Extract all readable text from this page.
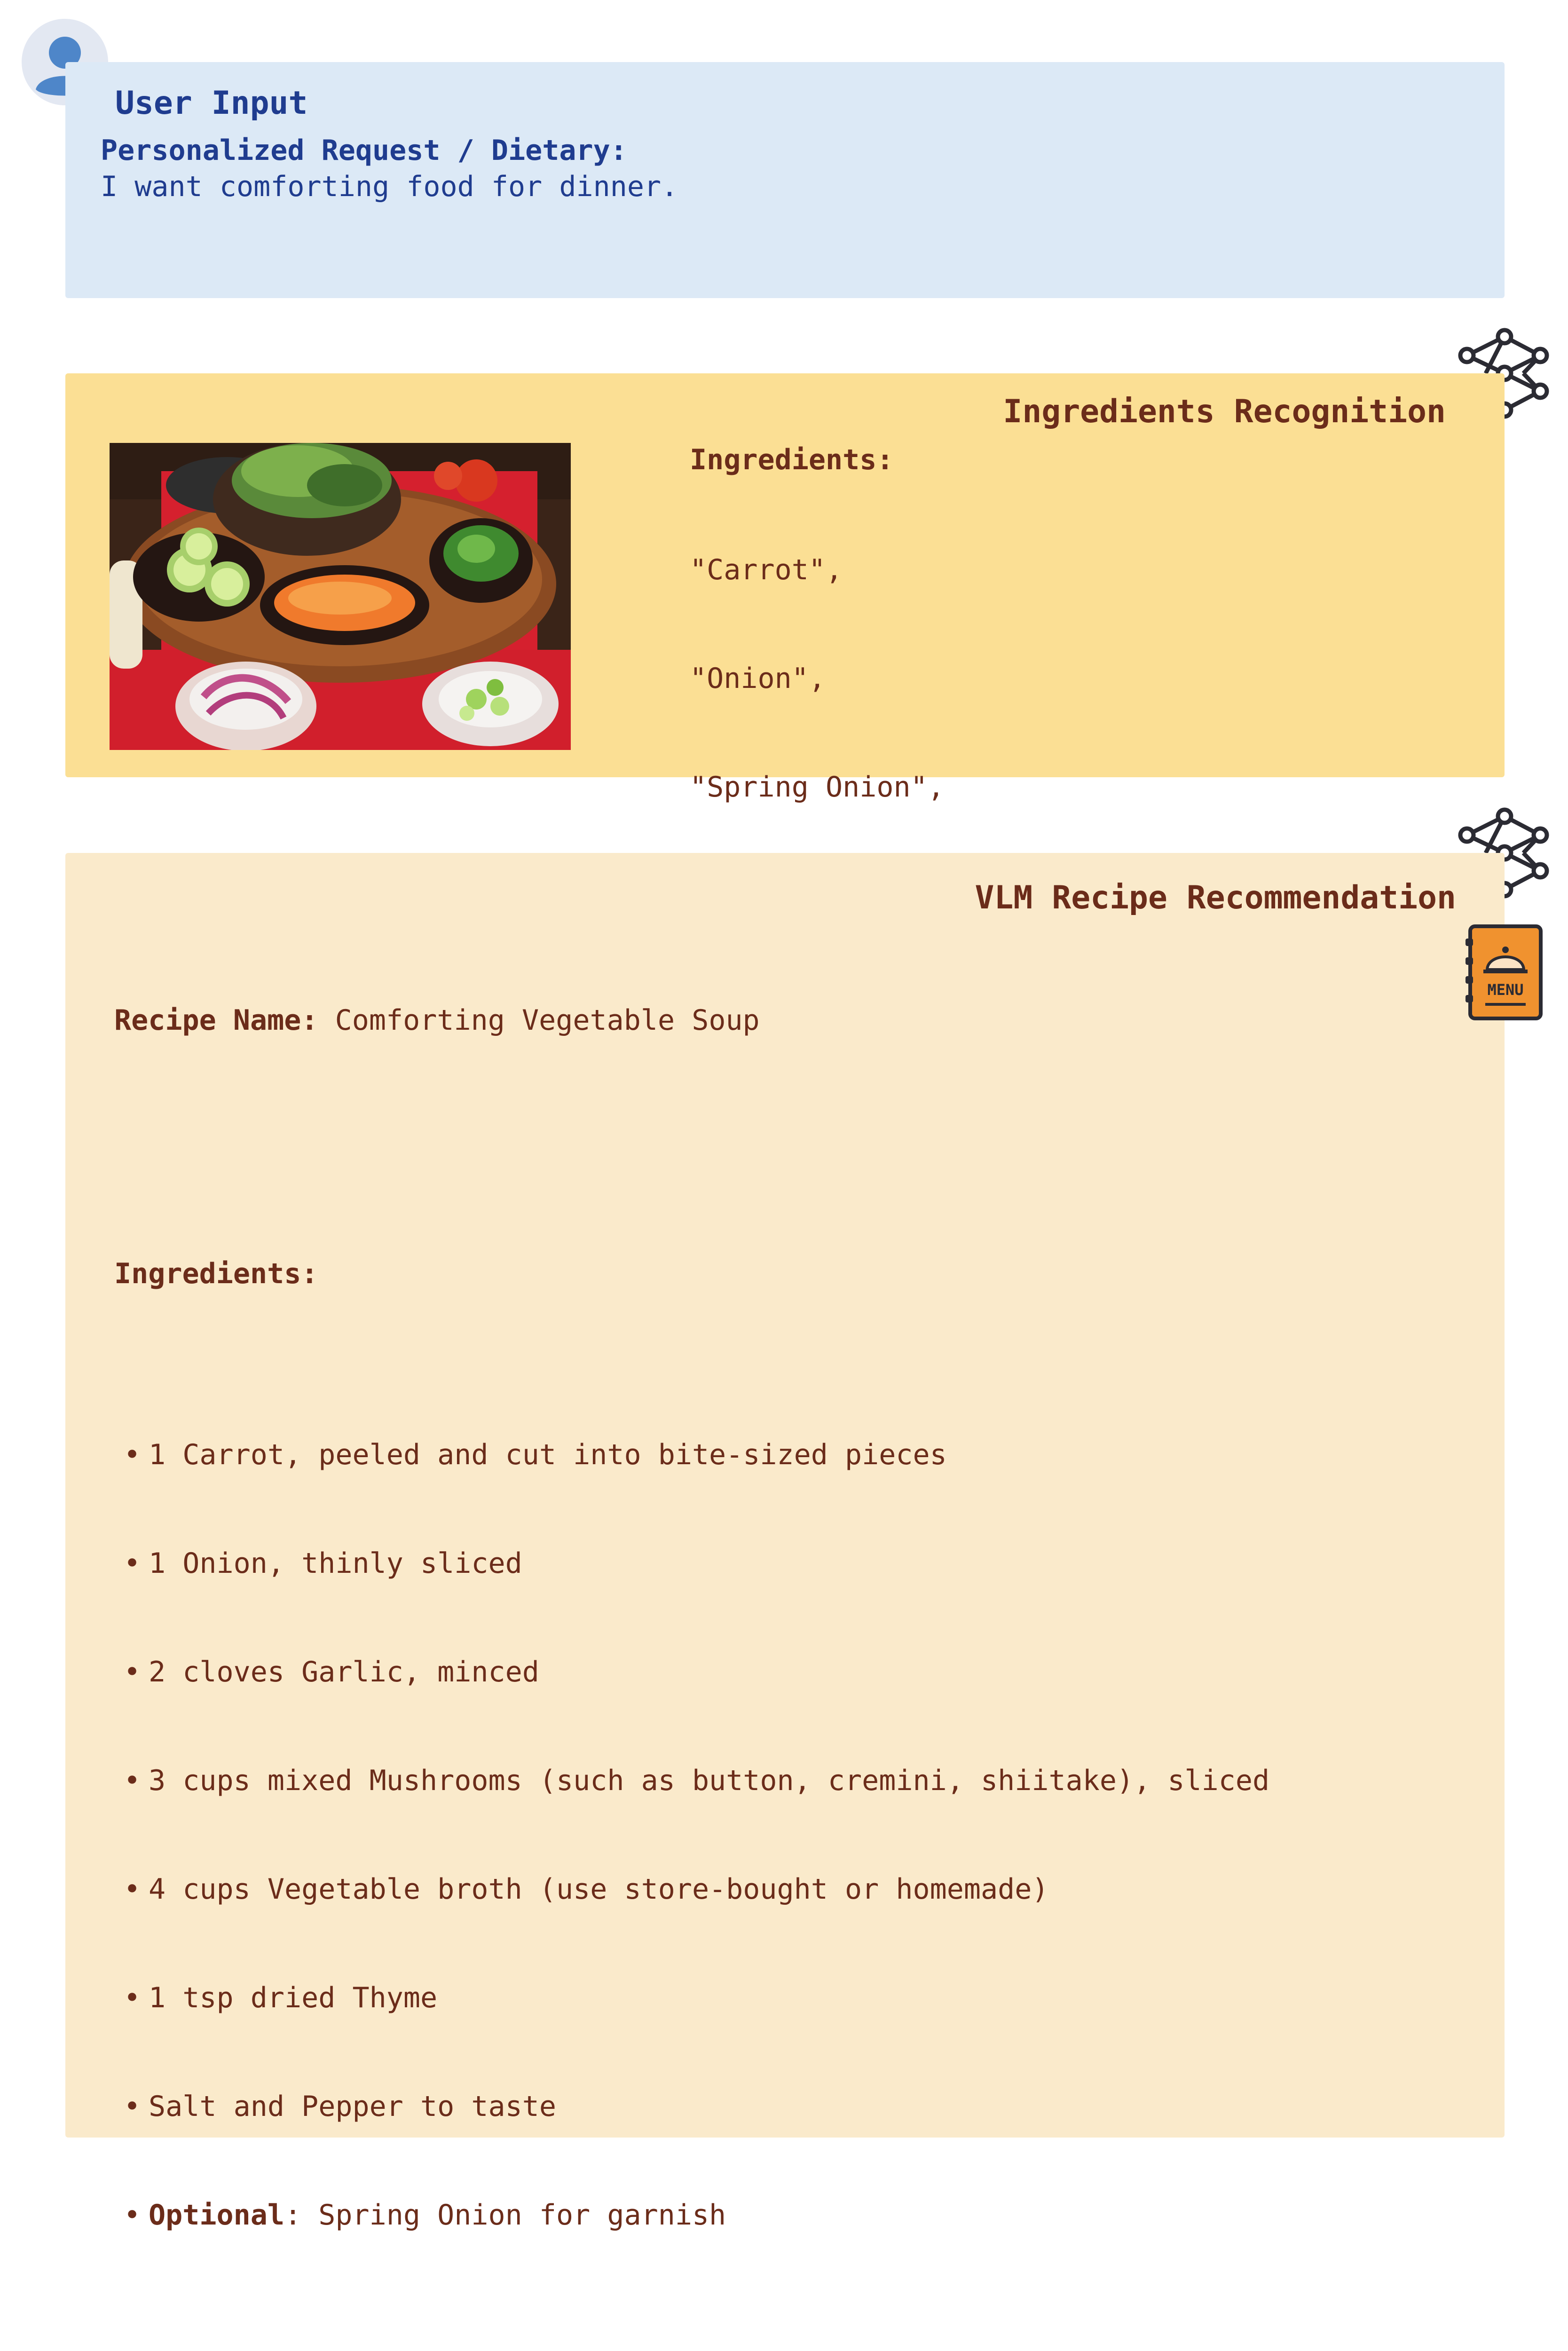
User Input
Personalized Request / Dietary:
I want comforting food for dinner.
Ingredients Recognition
Ingredients:

"Carrot",

"Onion",

"Spring Onion",

VLM Recipe Recommendation
MENU

Recipe Name: Comforting Vegetable Soup

Ingredients:

• 1 Carrot, peeled and cut into bite-sized pieces

• 1 Onion, thinly sliced

• 2 cloves Garlic, minced

• 3 cups mixed Mushrooms (such as button, cremini, shiitake), sliced

• 4 cups Vegetable broth (use store-bought or homemade)

• 1 tsp dried Thyme

• Salt and Pepper to taste

• Optional: Spring Onion for garnish
